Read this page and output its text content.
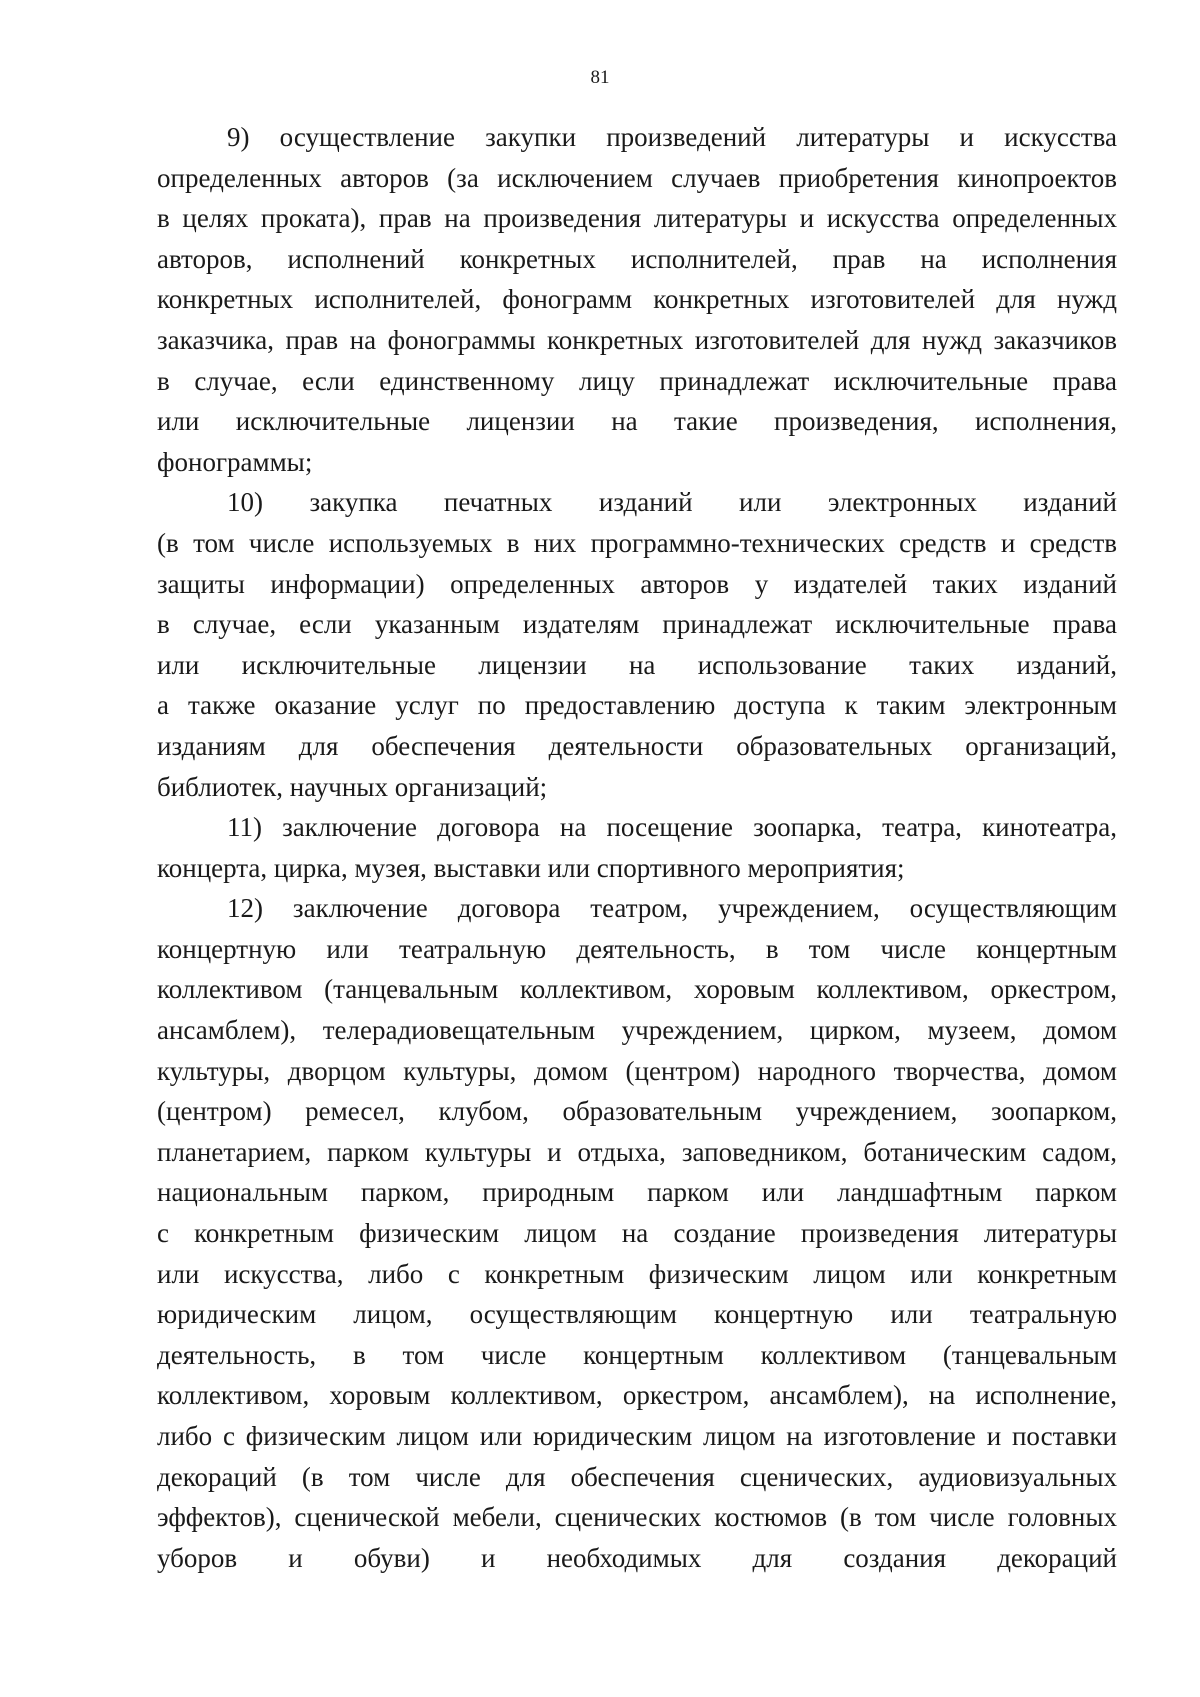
81
9) осуществление закупки произведений литературы и искусства
определенных авторов (за исключением случаев приобретения кинопроектов
в целях проката), прав на произведения литературы и искусства определенных
авторов, исполнений конкретных исполнителей, прав на исполнения
конкретных исполнителей, фонограмм конкретных изготовителей для нужд
заказчика, прав на фонограммы конкретных изготовителей для нужд заказчиков
в случае, если единственному лицу принадлежат исключительные права
или исключительные лицензии на такие произведения, исполнения,
фонограммы;
10) закупка печатных изданий или электронных изданий
(в том числе используемых в них программно-технических средств и средств
защиты информации) определенных авторов у издателей таких изданий
в случае, если указанным издателям принадлежат исключительные права
или исключительные лицензии на использование таких изданий,
а также оказание услуг по предоставлению доступа к таким электронным
изданиям для обеспечения деятельности образовательных организаций,
библиотек, научных организаций;
11) заключение договора на посещение зоопарка, театра, кинотеатра,
концерта, цирка, музея, выставки или спортивного мероприятия;
12) заключение договора театром, учреждением, осуществляющим
концертную или театральную деятельность, в том числе концертным
коллективом (танцевальным коллективом, хоровым коллективом, оркестром,
ансамблем), телерадиовещательным учреждением, цирком, музеем, домом
культуры, дворцом культуры, домом (центром) народного творчества, домом
(центром) ремесел, клубом, образовательным учреждением, зоопарком,
планетарием, парком культуры и отдыха, заповедником, ботаническим садом,
национальным парком, природным парком или ландшафтным парком
с конкретным физическим лицом на создание произведения литературы
или искусства, либо с конкретным физическим лицом или конкретным
юридическим лицом, осуществляющим концертную или театральную
деятельность, в том числе концертным коллективом (танцевальным
коллективом, хоровым коллективом, оркестром, ансамблем), на исполнение,
либо с физическим лицом или юридическим лицом на изготовление и поставки
декораций (в том числе для обеспечения сценических, аудиовизуальных
эффектов), сценической мебели, сценических костюмов (в том числе головных
уборов и обуви) и необходимых для создания декораций
